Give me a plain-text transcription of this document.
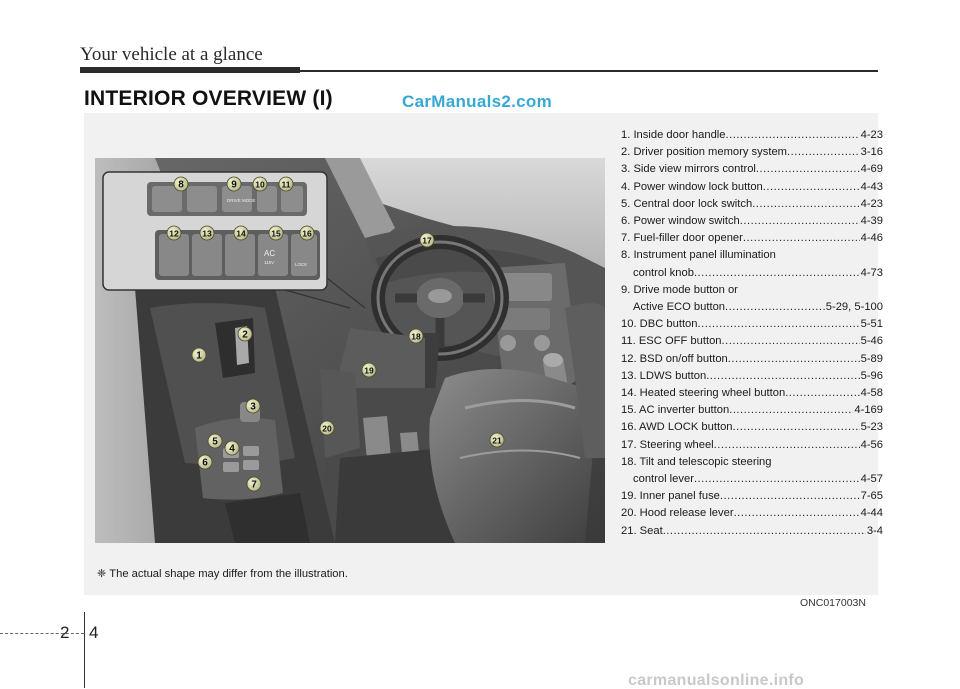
Your vehicle at a glance
INTERIOR OVERVIEW (I)	CarManuals2.com
DRIVE MODE
AC
115V	LOCK
1
2
3
4
5
6
7
8	9 10 11
12	13	14	15	16
17
18
19
20
21
1. Inside door handle .....	4-23
2. Driver position memory system .....	3-16
3. Side view mirrors control .....	4-69
4. Power window lock button .....	4-43
5. Central door lock switch .....	4-23
6. Power window switch .....	4-39
7. Fuel-filler door opener .....	4-46
8. Instrument panel illumination
control knob .....	4-73
9. Drive mode button or
Active ECO button .....	5-29, 5-100
10. DBC button .....	5-51
11. ESC OFF button .....	5-46
12. BSD on/off button .....	5-89
13. LDWS button .....	5-96
14. Heated steering wheel button .....	4-58
15. AC inverter button .....	4-169
16. AWD LOCK button .....	5-23
17. Steering wheel .....	4-56
18. Tilt and telescopic steering
control lever .....	4-57
19. Inner panel fuse .....	7-65
20. Hood release lever .....	4-44
21. Seat .....	3-4
❈ The actual shape may differ from the illustration.
ONC017003N
2 4
carmanualsonline.info
